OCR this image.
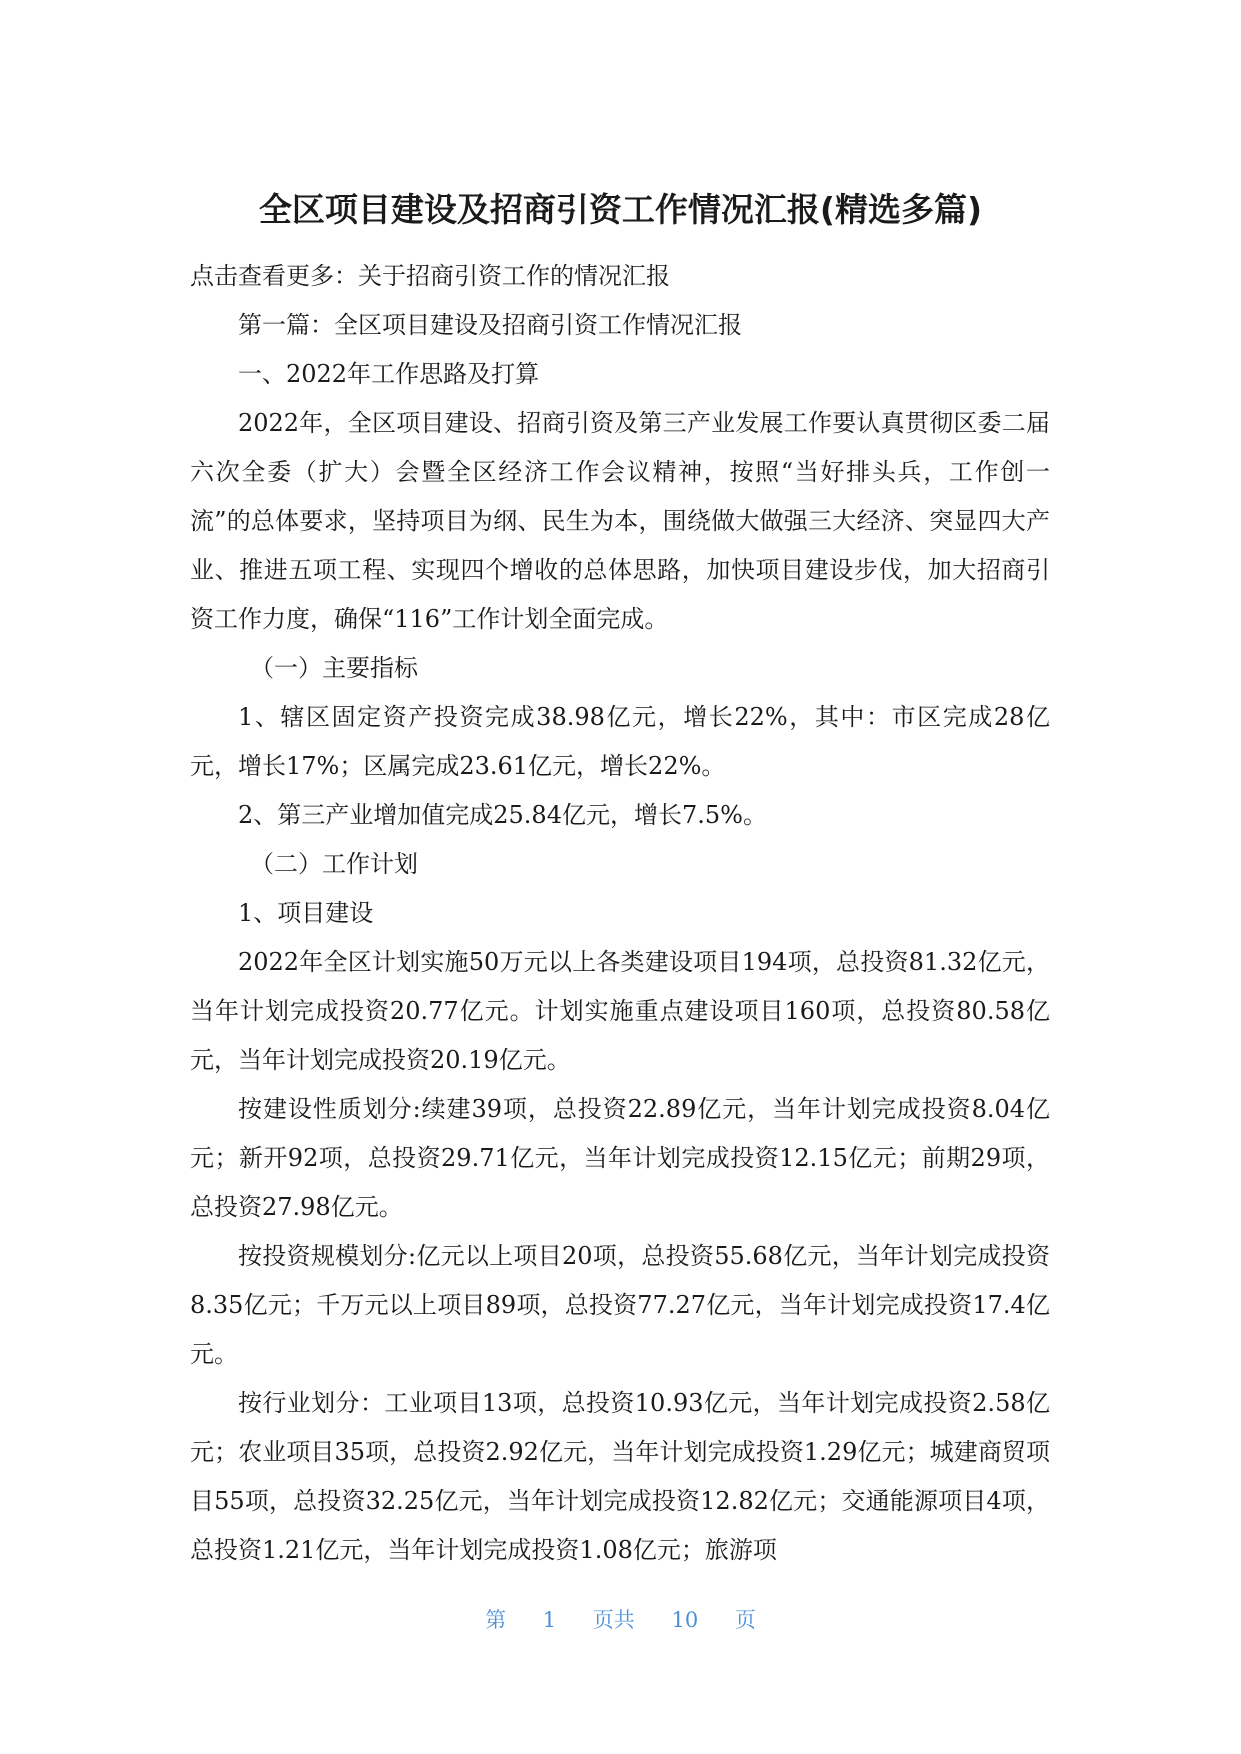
全区项目建设及招商引资工作情况汇报(精选多篇)

点击查看更多：关于招商引资工作的情况汇报

第一篇：全区项目建设及招商引资工作情况汇报

一、2022年工作思路及打算

2022年，全区项目建设、招商引资及第三产业发展工作要认真贯彻区委二届六次全委（扩大）会暨全区经济工作会议精神，按照“当好排头兵，工作创一流”的总体要求，坚持项目为纲、民生为本，围绕做大做强三大经济、突显四大产业、推进五项工程、实现四个增收的总体思路，加快项目建设步伐，加大招商引资工作力度，确保“116”工作计划全面完成。

（一）主要指标

1、辖区固定资产投资完成38.98亿元，增长22%，其中：市区完成28亿元，增长17%；区属完成23.61亿元，增长22%。

2、第三产业增加值完成25.84亿元，增长7.5%。

（二）工作计划

1、项目建设

2022年全区计划实施50万元以上各类建设项目194项，总投资81.32亿元，当年计划完成投资20.77亿元。计划实施重点建设项目160项，总投资80.58亿元，当年计划完成投资20.19亿元。

按建设性质划分:续建39项，总投资22.89亿元，当年计划完成投资8.04亿元；新开92项，总投资29.71亿元，当年计划完成投资12.15亿元；前期29项，总投资27.98亿元。

按投资规模划分:亿元以上项目20项，总投资55.68亿元，当年计划完成投资8.35亿元；千万元以上项目89项，总投资77.27亿元，当年计划完成投资17.4亿元。

按行业划分：工业项目13项，总投资10.93亿元，当年计划完成投资2.58亿元；农业项目35项，总投资2.92亿元，当年计划完成投资1.29亿元；城建商贸项目55项，总投资32.25亿元，当年计划完成投资12.82亿元；交通能源项目4项，总投资1.21亿元，当年计划完成投资1.08亿元；旅游项

第 1 页共 10 页
